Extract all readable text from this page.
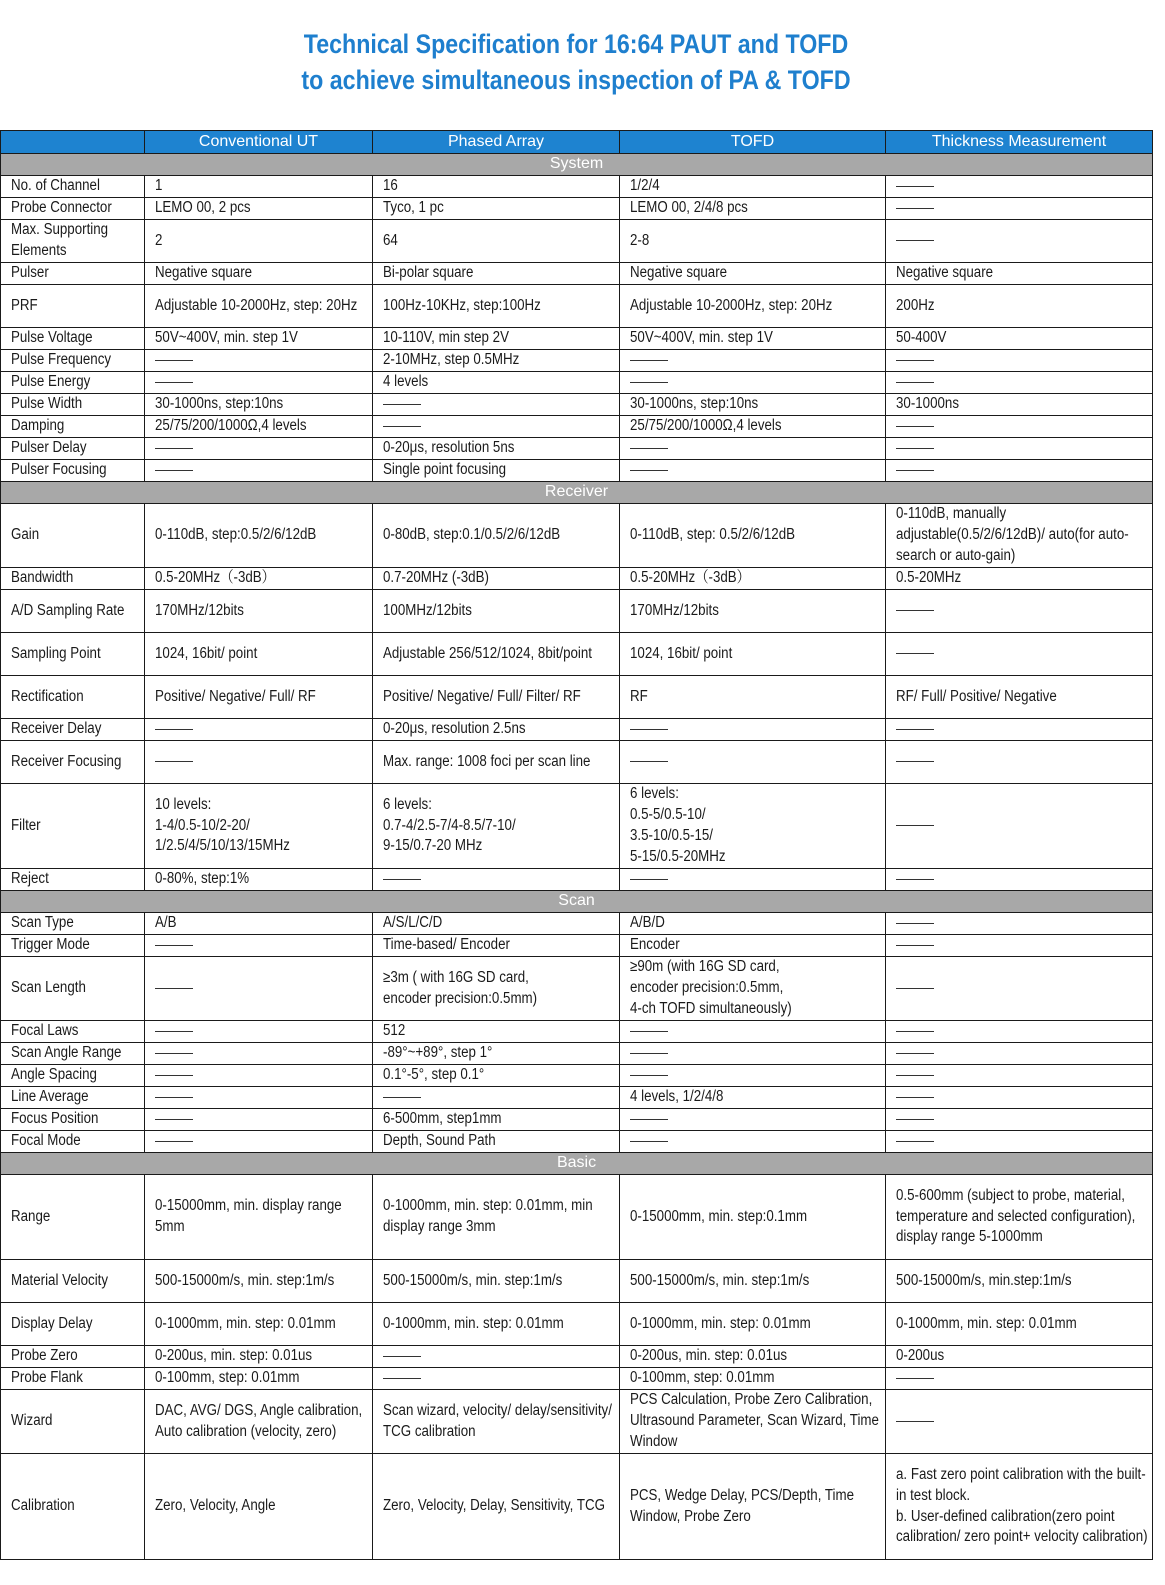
Technical Specification for 16:64 PAUT and TOFD
to achieve simultaneous inspection of PA & TOFD
	Conventional UT	Phased Array	TOFD	Thickness Measurement
System				

No. of Channel	1	16	1/2/4	

Probe Connector	LEMO 00, 2 pcs	Tyco, 1 pc	LEMO 00, 2/4/8 pcs	

Max. Supporting Elements	2	64	2-8	

Pulser	Negative square	Bi-polar square	Negative square	Negative square

PRF	Adjustable 10-2000Hz, step: 20Hz	100Hz-10KHz, step:100Hz	Adjustable 10-2000Hz, step: 20Hz	200Hz

Pulse Voltage	50V~400V, min. step 1V	10-110V, min step 2V	50V~400V, min. step 1V	50-400V

Pulse Frequency		2-10MHz, step 0.5MHz		

Pulse Energy		4 levels		

Pulse Width	30-1000ns, step:10ns		30-1000ns, step:10ns	30-1000ns

Damping	25/75/200/1000Ω,4 levels		25/75/200/1000Ω,4 levels	

Pulser Delay		0-20μs, resolution 5ns		

Pulser Focusing		Single point focusing		

Receiver				

Gain	0-110dB, step:0.5/2/6/12dB	0-80dB, step:0.1/0.5/2/6/12dB	0-110dB, step: 0.5/2/6/12dB	0-110dB, manually adjustable(0.5/2/6/12dB)/ auto(for auto-search or auto-gain)

Bandwidth	0.5-20MHz（-3dB）	0.7-20MHz (-3dB)	0.5-20MHz（-3dB）	0.5-20MHz

A/D Sampling Rate	170MHz/12bits	100MHz/12bits	170MHz/12bits	

Sampling Point	1024, 16bit/ point	Adjustable 256/512/1024, 8bit/point	1024, 16bit/ point	

Rectification	Positive/ Negative/ Full/ RF	Positive/ Negative/ Full/ Filter/ RF	RF	RF/ Full/ Positive/ Negative

Receiver Delay		0-20μs, resolution 2.5ns		

Receiver Focusing		Max. range: 1008 foci per scan line		

Filter	10 levels:
1-4/0.5-10/2-20/
1/2.5/4/5/10/13/15MHz	6 levels:
0.7-4/2.5-7/4-8.5/7-10/
9-15/0.7-20 MHz	6 levels:
0.5-5/0.5-10/
3.5-10/0.5-15/
5-15/0.5-20MHz	

Reject	0-80%, step:1%			

Scan				

Scan Type	A/B	A/S/L/C/D	A/B/D	

Trigger Mode		Time-based/ Encoder	Encoder	

Scan Length		≥3m ( with 16G SD card,
encoder precision:0.5mm)	≥90m (with 16G SD card,
encoder precision:0.5mm,
4-ch TOFD simultaneously)	

Focal Laws		512		

Scan Angle Range		-89°~+89°, step 1°		

Angle Spacing		0.1°-5°, step 0.1°		

Line Average			4 levels, 1/2/4/8	

Focus Position		6-500mm, step1mm		

Focal Mode		Depth, Sound Path		

Basic				

Range	0-15000mm, min. display range 5mm	0-1000mm, min. step: 0.01mm, min display range 3mm	0-15000mm, min. step:0.1mm	0.5-600mm (subject to probe, material, temperature and selected configuration), display range 5-1000mm

Material Velocity	500-15000m/s, min. step:1m/s	500-15000m/s, min. step:1m/s	500-15000m/s, min. step:1m/s	500-15000m/s, min.step:1m/s

Display Delay	0-1000mm, min. step: 0.01mm	0-1000mm, min. step: 0.01mm	0-1000mm, min. step: 0.01mm	0-1000mm, min. step: 0.01mm

Probe Zero	0-200us, min. step: 0.01us		0-200us, min. step: 0.01us	0-200us

Probe Flank	0-100mm, step: 0.01mm		0-100mm, step: 0.01mm	

Wizard	DAC, AVG/ DGS, Angle calibration, Auto calibration (velocity, zero)	Scan wizard, velocity/ delay/sensitivity/ TCG calibration	PCS Calculation, Probe Zero Calibration, Ultrasound Parameter, Scan Wizard, Time Window	

Calibration	Zero, Velocity, Angle	Zero, Velocity, Delay, Sensitivity, TCG	PCS, Wedge Delay, PCS/Depth, Time Window, Probe Zero	a. Fast zero point calibration with the built-in test block.
b. User-defined calibration(zero point calibration/ zero point+ velocity calibration)
